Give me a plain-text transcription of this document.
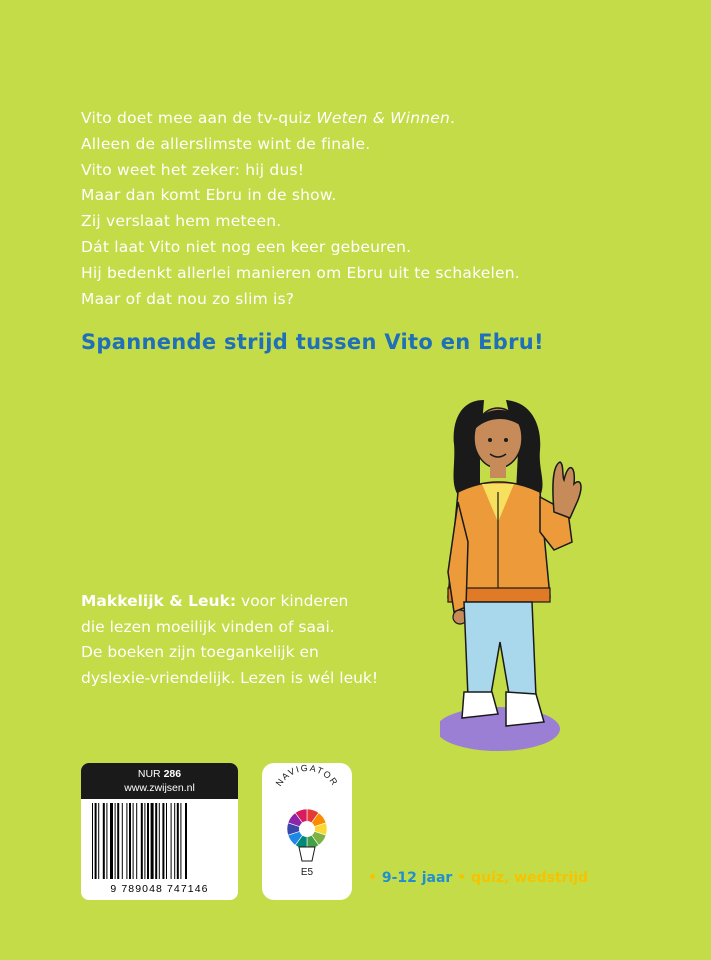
Vito doet mee aan de tv-quiz Weten & Winnen.
Alleen de allerslimste wint de finale.
Vito weet het zeker: hij dus!
Maar dan komt Ebru in de show.
Zij verslaat hem meteen.
Dát laat Vito niet nog een keer gebeuren.
Hij bedenkt allerlei manieren om Ebru uit te schakelen.
Maar of dat nou zo slim is?
Spannende strijd tussen Vito en Ebru!
Makkelijk & Leuk: voor kinderen
die lezen moeilijk vinden of saai.
De boeken zijn toegankelijk en
dyslexie-vriendelijk. Lezen is wél leuk!
NUR 286
www.zwijsen.nl
9 789048 747146
NAVIGATOR
E5	• 9-12 jaar • quiz, wedstrijd
